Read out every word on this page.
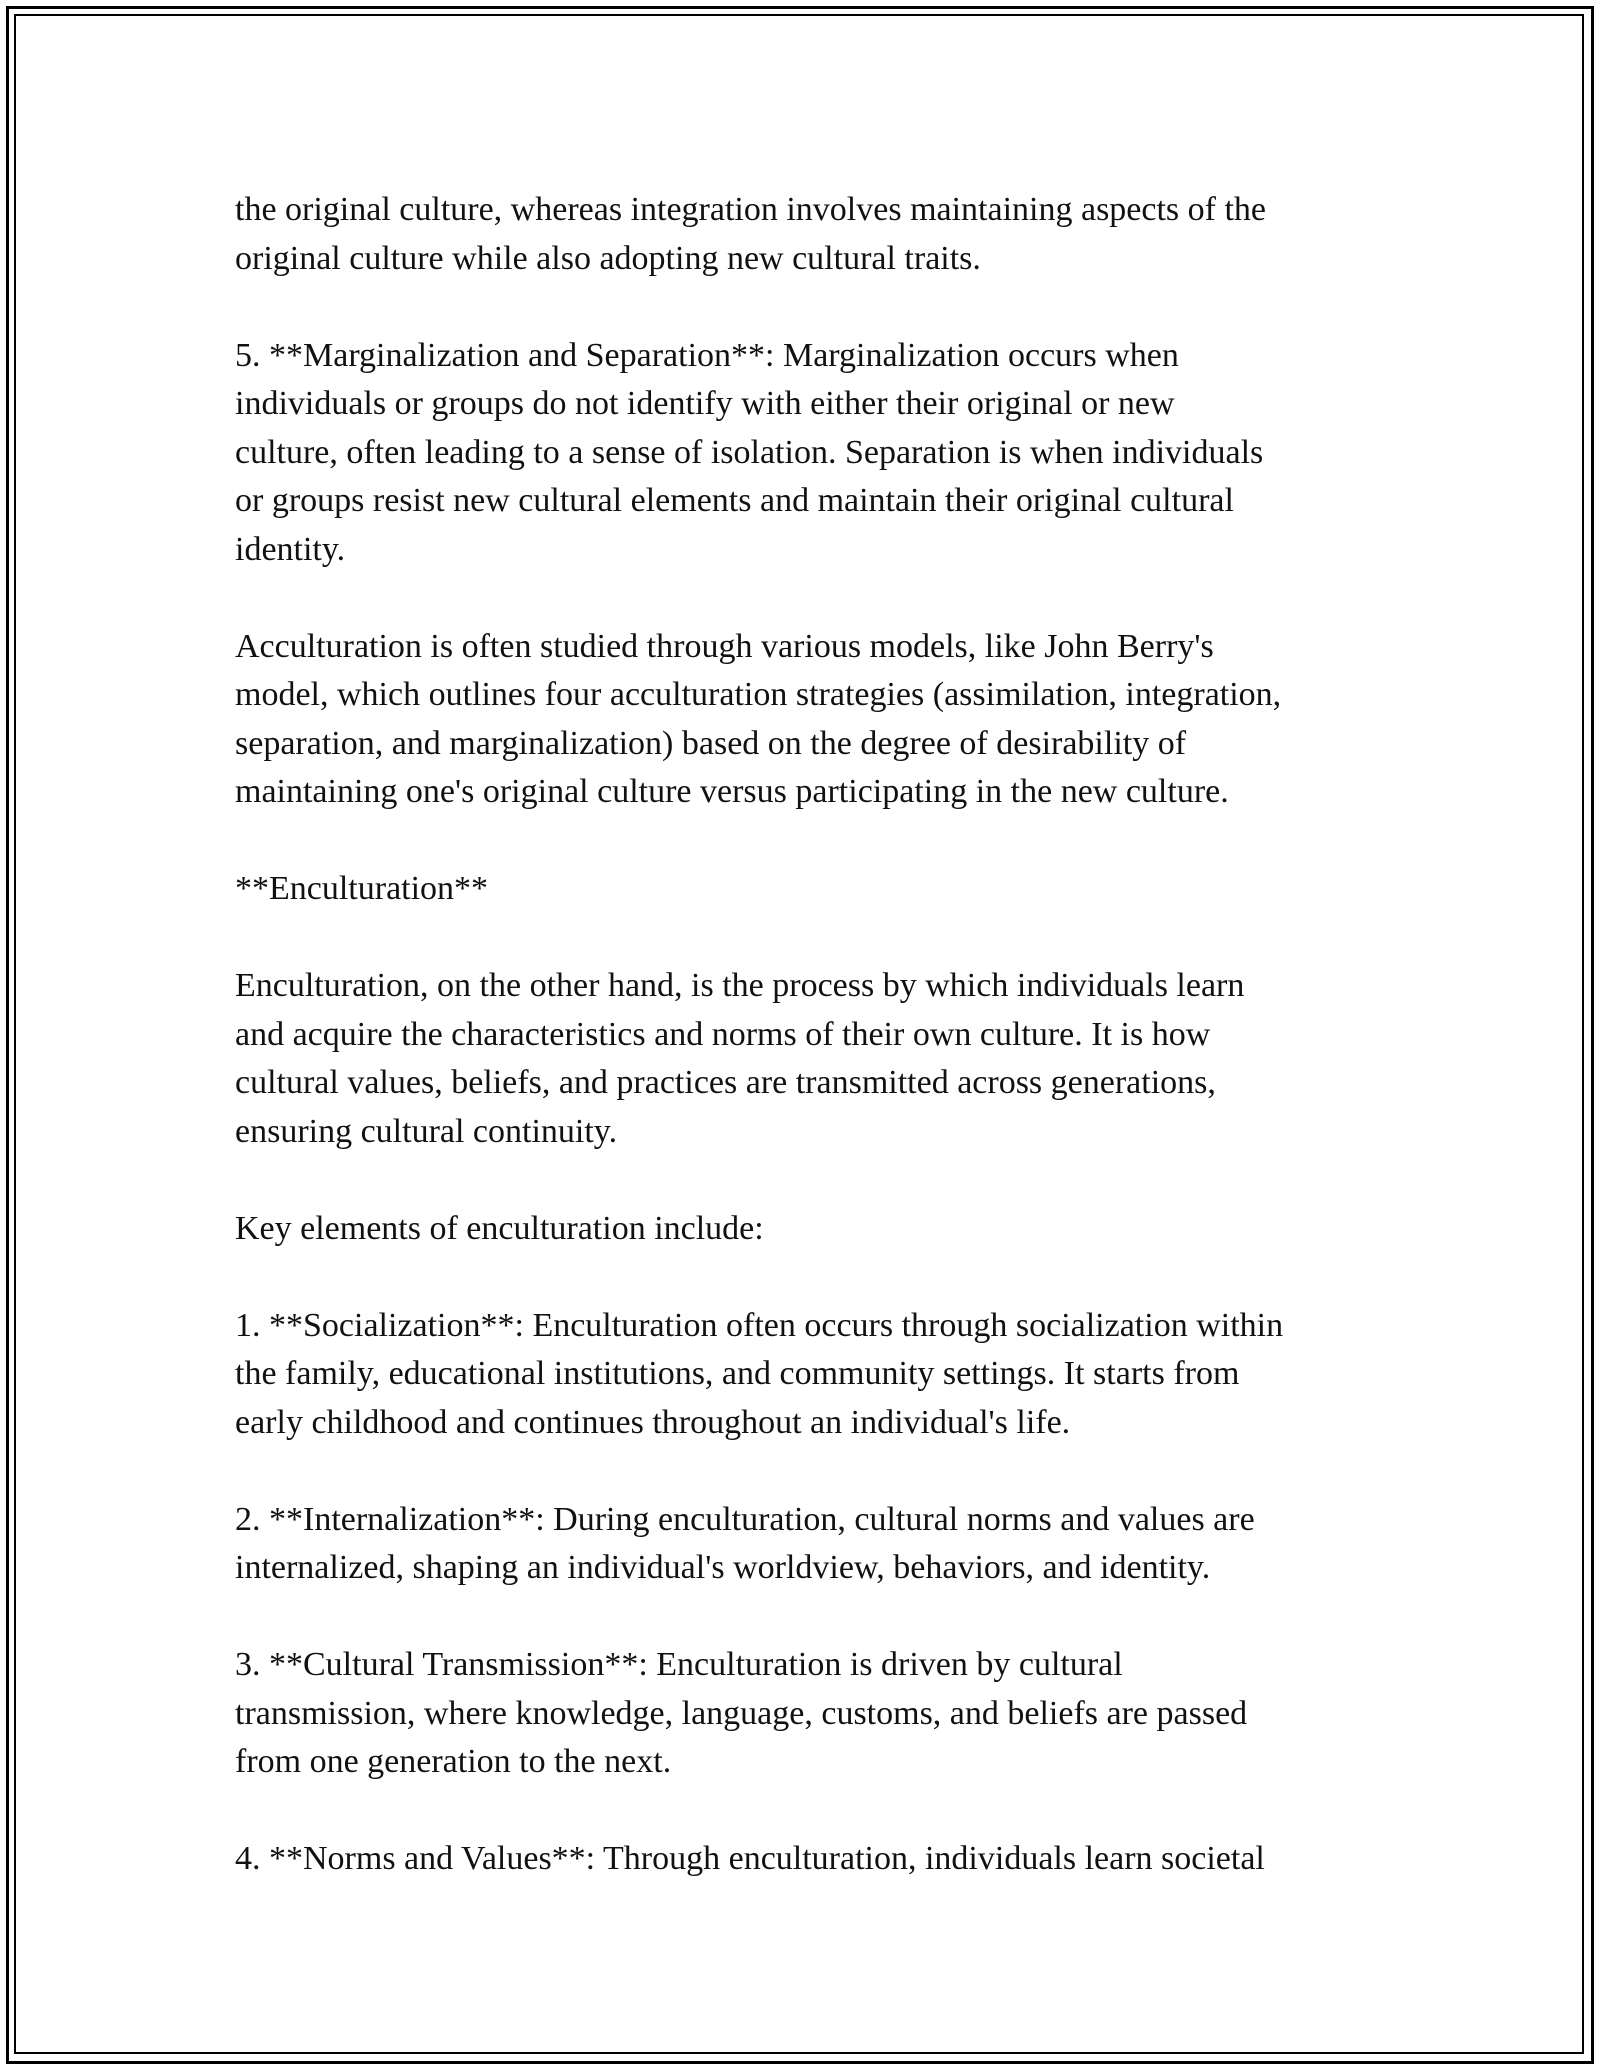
the original culture, whereas integration involves maintaining aspects of the
original culture while also adopting new cultural traits.

5. **Marginalization and Separation**: Marginalization occurs when
individuals or groups do not identify with either their original or new
culture, often leading to a sense of isolation. Separation is when individuals
or groups resist new cultural elements and maintain their original cultural
identity.

Acculturation is often studied through various models, like John Berry's
model, which outlines four acculturation strategies (assimilation, integration,
separation, and marginalization) based on the degree of desirability of
maintaining one's original culture versus participating in the new culture.

**Enculturation**

Enculturation, on the other hand, is the process by which individuals learn
and acquire the characteristics and norms of their own culture. It is how
cultural values, beliefs, and practices are transmitted across generations,
ensuring cultural continuity.

Key elements of enculturation include:

1. **Socialization**: Enculturation often occurs through socialization within
the family, educational institutions, and community settings. It starts from
early childhood and continues throughout an individual's life.

2. **Internalization**: During enculturation, cultural norms and values are
internalized, shaping an individual's worldview, behaviors, and identity.

3. **Cultural Transmission**: Enculturation is driven by cultural
transmission, where knowledge, language, customs, and beliefs are passed
from one generation to the next.

4. **Norms and Values**: Through enculturation, individuals learn societal
